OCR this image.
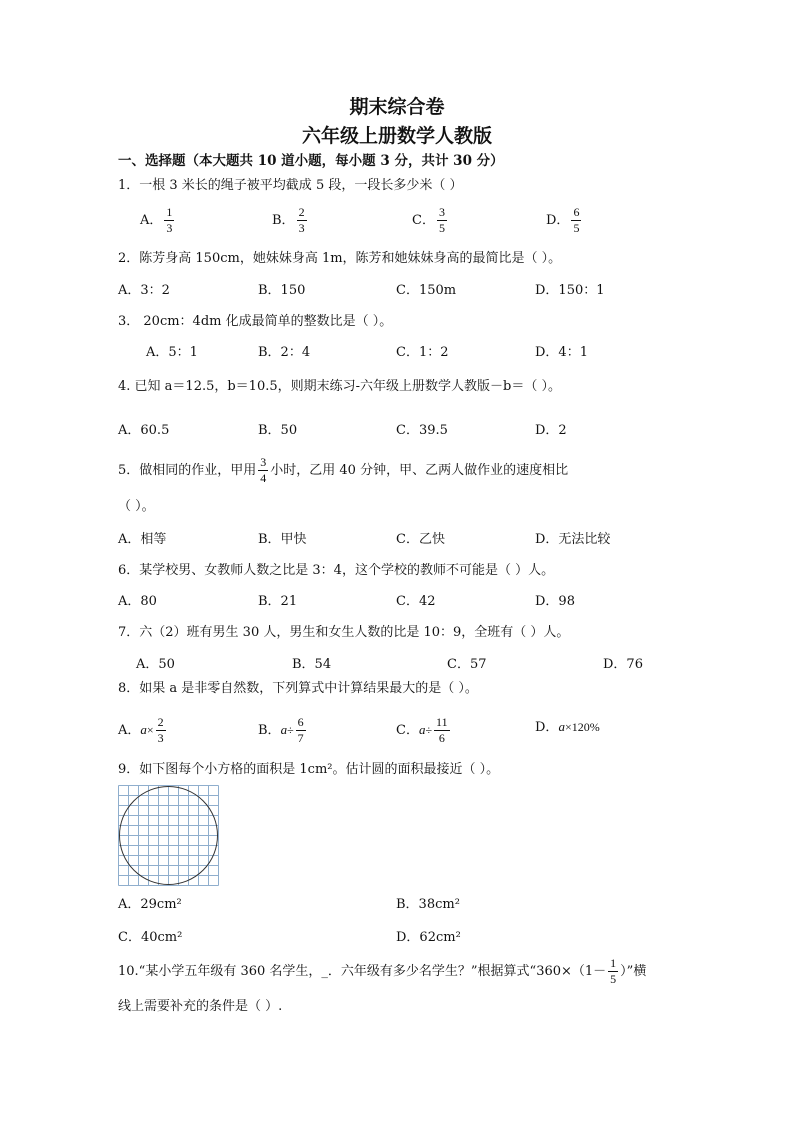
期末综合卷
六年级上册数学人教版
一、选择题（本大题共 10 道小题，每小题 3 分，共计 30 分）
1．一根 3 米长的绳子被平均截成 5 段，一段长多少米（ ）
A． $\frac{1}{3}$	B． $\frac{2}{3}$	C． $\frac{3}{5}$	D． $\frac{6}{5}$
2．陈芳身高 150cm，她妹妹身高 1m，陈芳和她妹妹身高的最简比是（ ）。
A．3：2	B．150	C．150m	D．150：1
3． 20cm：4dm 化成最简单的整数比是（ ）。
A．5：1	B．2：4	C．1：2	D．4：1
4. 已知 a＝12.5，b＝10.5，则期末练习-六年级上册数学人教版－b＝（ ）。
A．60.5	B．50	C．39.5	D．2
5．做相同的作业，甲用 $\frac{3}{4}$ 小时，乙用 40 分钟，甲、乙两人做作业的速度相比
（ ）。
A．相等	B．甲快	C．乙快	D．无法比较
6．某学校男、女教师人数之比是 3：4，这个学校的教师不可能是（ ）人。
A．80	B．21	C．42	D．98
7．六（2）班有男生 30 人，男生和女生人数的比是 10：9，全班有（ ）人。
A．50	B．54	C．57	D．76
8．如果 a 是非零自然数，下列算式中计算结果最大的是（ ）。
A．$a\times \frac{2}{3}$	B．$a\div \frac{6}{7}$	C．$a\div \frac{11}{6}$	D．a×120%
9．如下图每个小方格的面积是 1cm²。估计圆的面积最接近（ ）。
A．29cm²	B．38cm²
C．40cm²	D．62cm²
10.“某小学五年级有 360 名学生，_．六年级有多少名学生？”根据算式“$360\times(1- \frac{1}{5}$ ）”横
线上需要补充的条件是（ ）.
